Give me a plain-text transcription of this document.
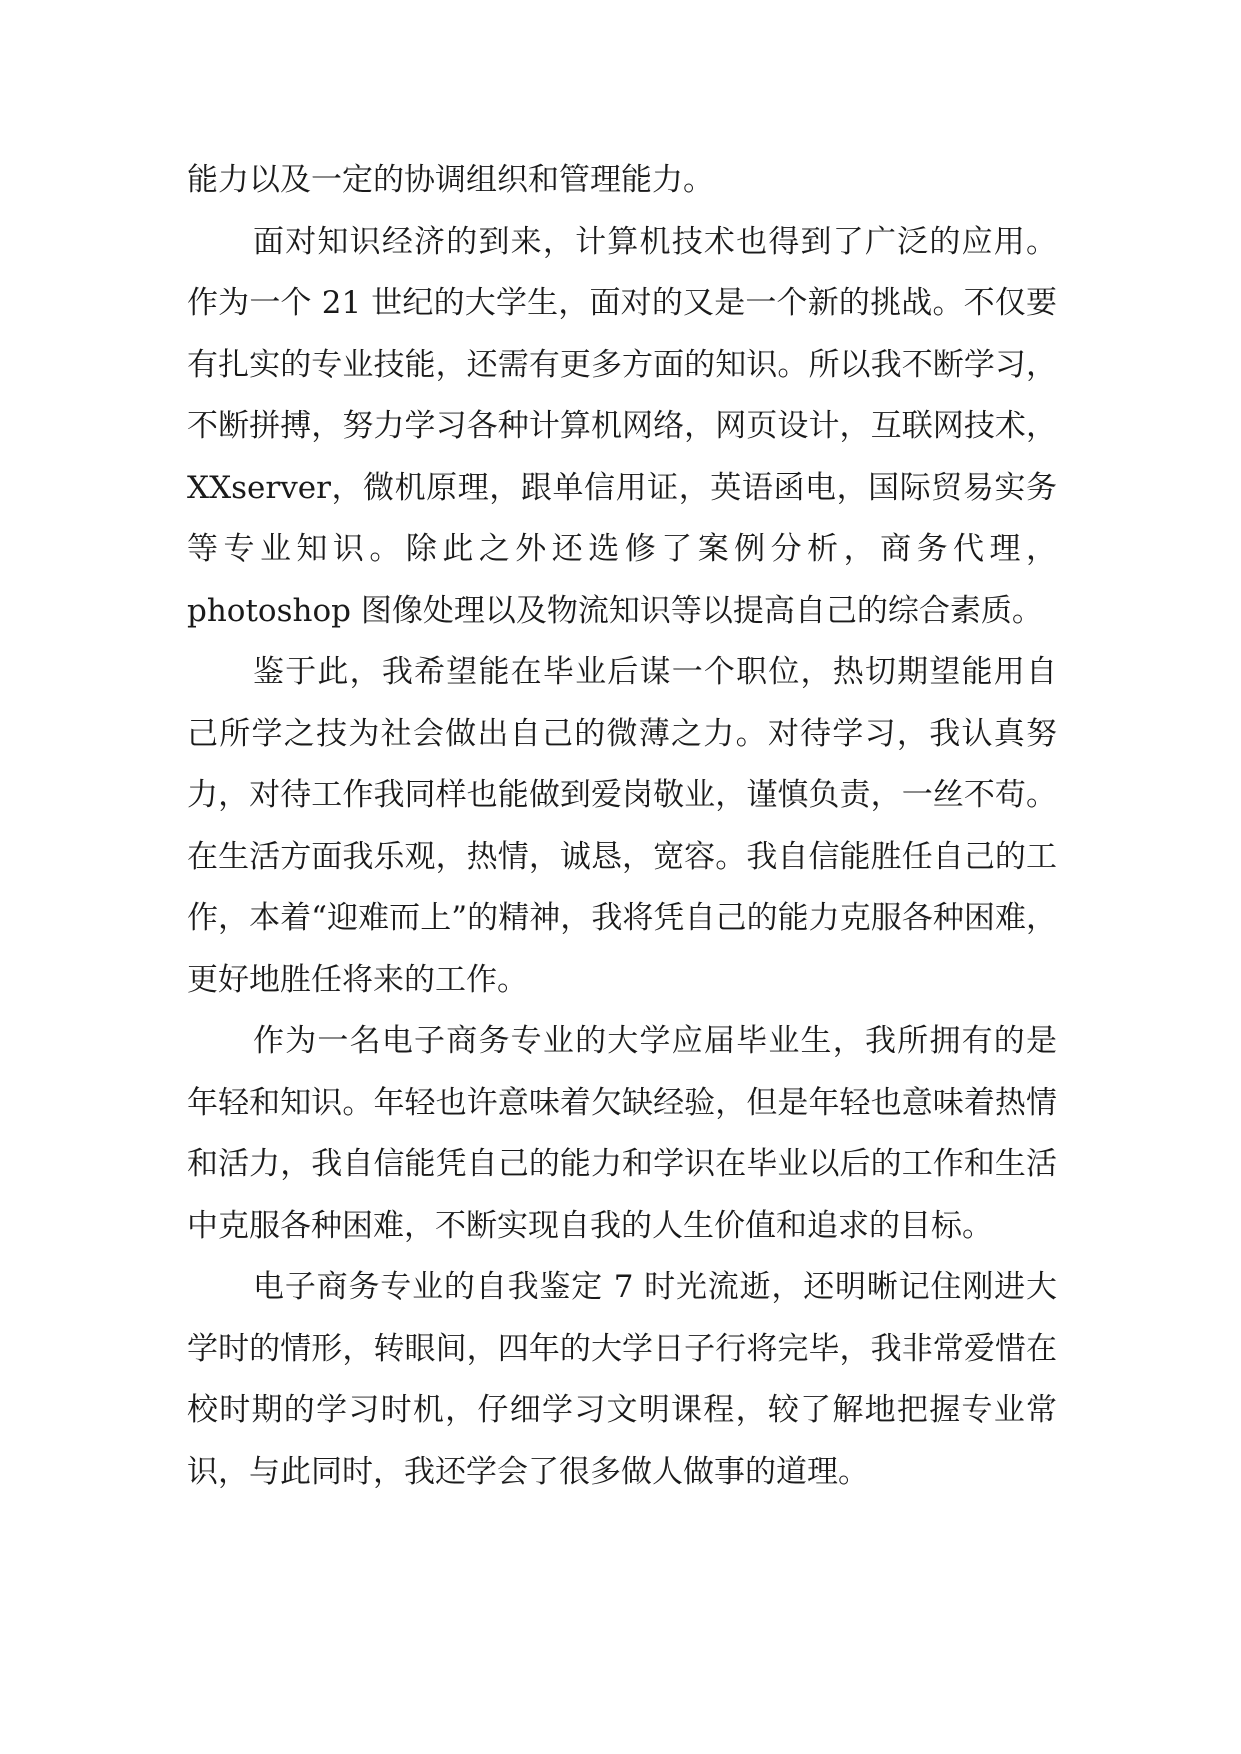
能力以及一定的协调组织和管理能力。

面对知识经济的到来，计算机技术也得到了广泛的应用。作为一个 21 世纪的大学生，面对的又是一个新的挑战。不仅要有扎实的专业技能，还需有更多方面的知识。所以我不断学习，不断拼搏，努力学习各种计算机网络，网页设计，互联网技术，XXserver，微机原理，跟单信用证，英语函电，国际贸易实务等专业知识。除此之外还选修了案例分析，商务代理，photoshop 图像处理以及物流知识等以提高自己的综合素质。

鉴于此，我希望能在毕业后谋一个职位，热切期望能用自己所学之技为社会做出自己的微薄之力。对待学习，我认真努力，对待工作我同样也能做到爱岗敬业，谨慎负责，一丝不苟。在生活方面我乐观，热情，诚恳，宽容。我自信能胜任自己的工作，本着“迎难而上”的精神，我将凭自己的能力克服各种困难，更好地胜任将来的工作。

作为一名电子商务专业的大学应届毕业生，我所拥有的是年轻和知识。年轻也许意味着欠缺经验，但是年轻也意味着热情和活力，我自信能凭自己的能力和学识在毕业以后的工作和生活中克服各种困难，不断实现自我的人生价值和追求的目标。

电子商务专业的自我鉴定 7 时光流逝，还明晰记住刚进大学时的情形，转眼间，四年的大学日子行将完毕，我非常爱惜在校时期的学习时机，仔细学习文明课程，较了解地把握专业常识，与此同时，我还学会了很多做人做事的道理。
